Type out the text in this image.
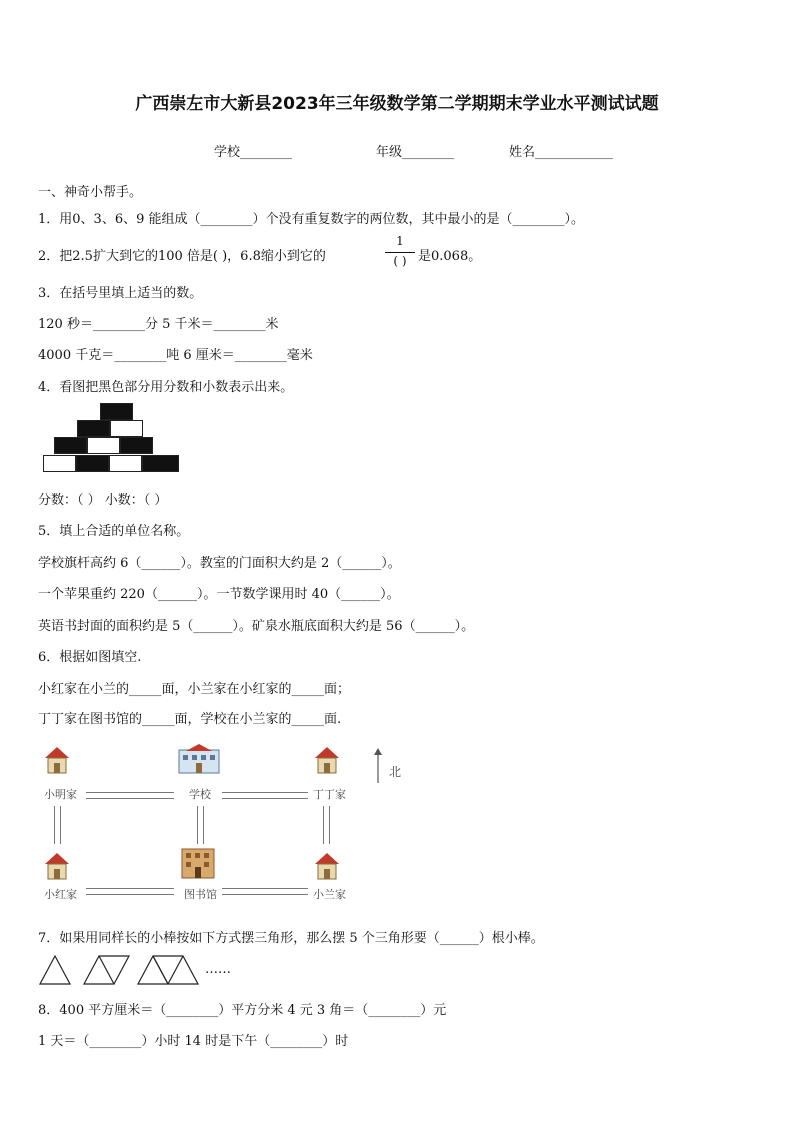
广西崇左市大新县2023年三年级数学第二学期期末学业水平测试试题
学校________	年级________	姓名____________
一、神奇小帮手。
1．用0、3、6、9 能组成（________）个没有重复数字的两位数，其中最小的是（________）。
2．把2.5扩大到它的100 倍是( )，6.8缩小到它的
1
( ) 是0.068。
3．在括号里填上适当的数。
120 秒＝________分 5 千米＝________米
4000 千克＝________吨 6 厘米＝________毫米
4．看图把黑色部分用分数和小数表示出来。
分数：（ ） 小数：（ ）
5．填上合适的单位名称。
学校旗杆高约 6（______）。教室的门面积大约是 2（______）。
一个苹果重约 220（______）。一节数学课用时 40（______）。
英语书封面的面积约是 5（______）。矿泉水瓶底面积大约是 56（______）。
6．根据如图填空.
小红家在小兰的_____面，小兰家在小红家的_____面；
丁丁家在图书馆的_____面，学校在小兰家的_____面.
小明家	学校	丁丁家
小红家	图书馆	小兰家
北
7．如果用同样长的小棒按如下方式摆三角形，那么摆 5 个三角形要（______）根小棒。
……
8．400 平方厘米＝（________）平方分米 4 元 3 角＝（________）元
1 天＝（________）小时 14 时是下午（________）时
